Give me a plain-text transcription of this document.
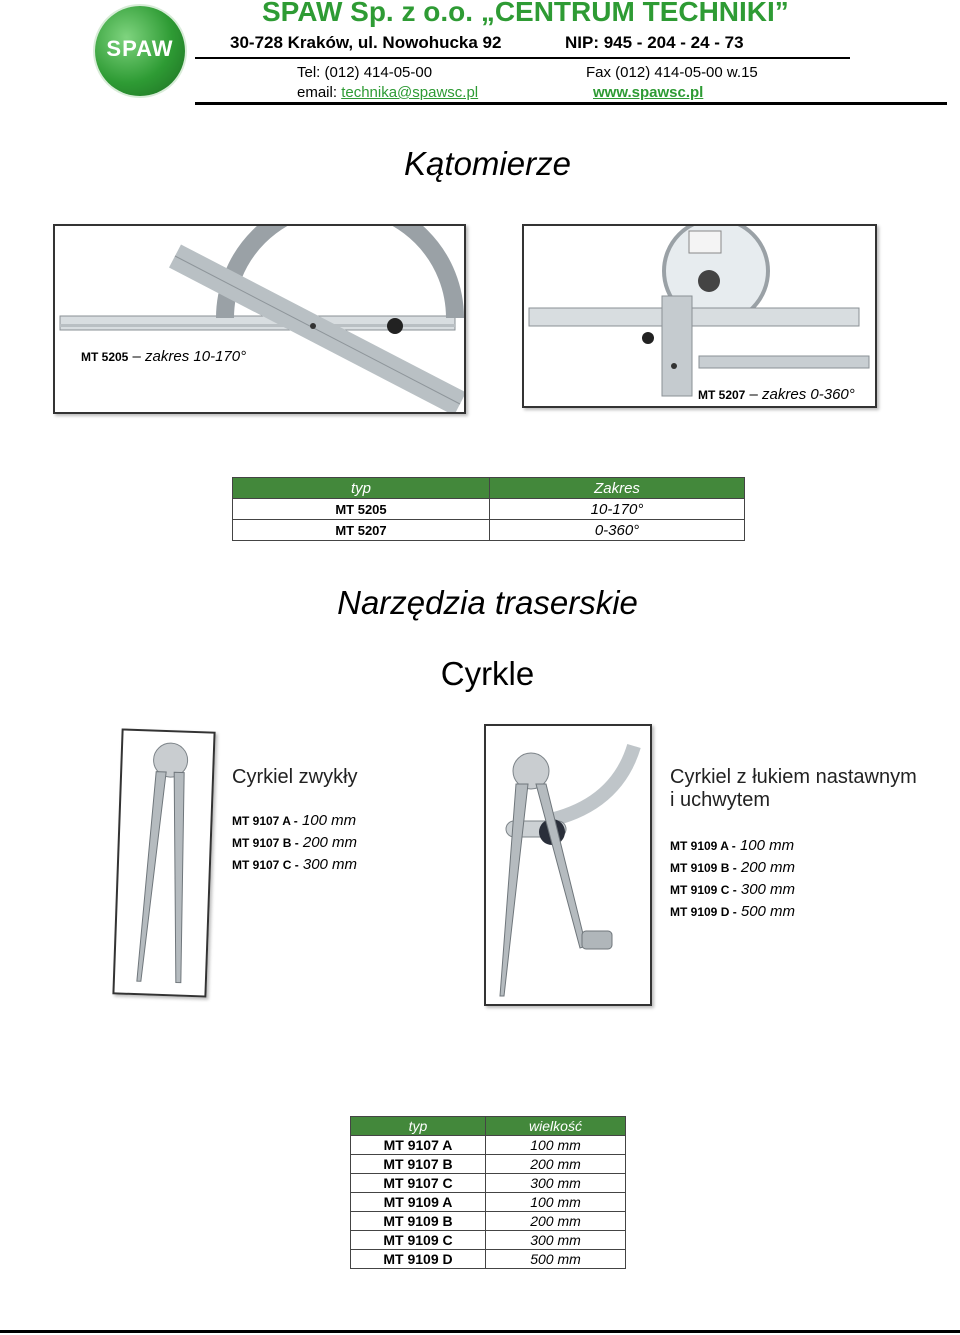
SPAW
SPAW Sp. z o.o. „CENTRUM TECHNIKI”
30-728 Kraków, ul. Nowohucka 92	NIP: 945 - 204 - 24 - 73
Tel: (012) 414-05-00	Fax (012) 414-05-00 w.15
email: technika@spawsc.pl	www.spawsc.pl
Kątomierze
MT 5205 – zakres 10-170°
MT 5207 – zakres 0-360°
typ	Zakres
MT 5205	10-170°
MT 5207	0-360°
Narzędzia traserskie
Cyrkle
Cyrkiel zwykły
MT 9107 A - 100 mm
MT 9107 B - 200 mm
MT 9107 C - 300 mm
Cyrkiel z łukiem nastawnym
i uchwytem
MT 9109 A - 100 mm
MT 9109 B - 200 mm
MT 9109 C - 300 mm
MT 9109 D - 500 mm
typ	wielkość
MT 9107 A	100 mm
MT 9107 B	200 mm
MT 9107 C	300 mm
MT 9109 A	100 mm
MT 9109 B	200 mm
MT 9109 C	300 mm
MT 9109 D	500 mm
